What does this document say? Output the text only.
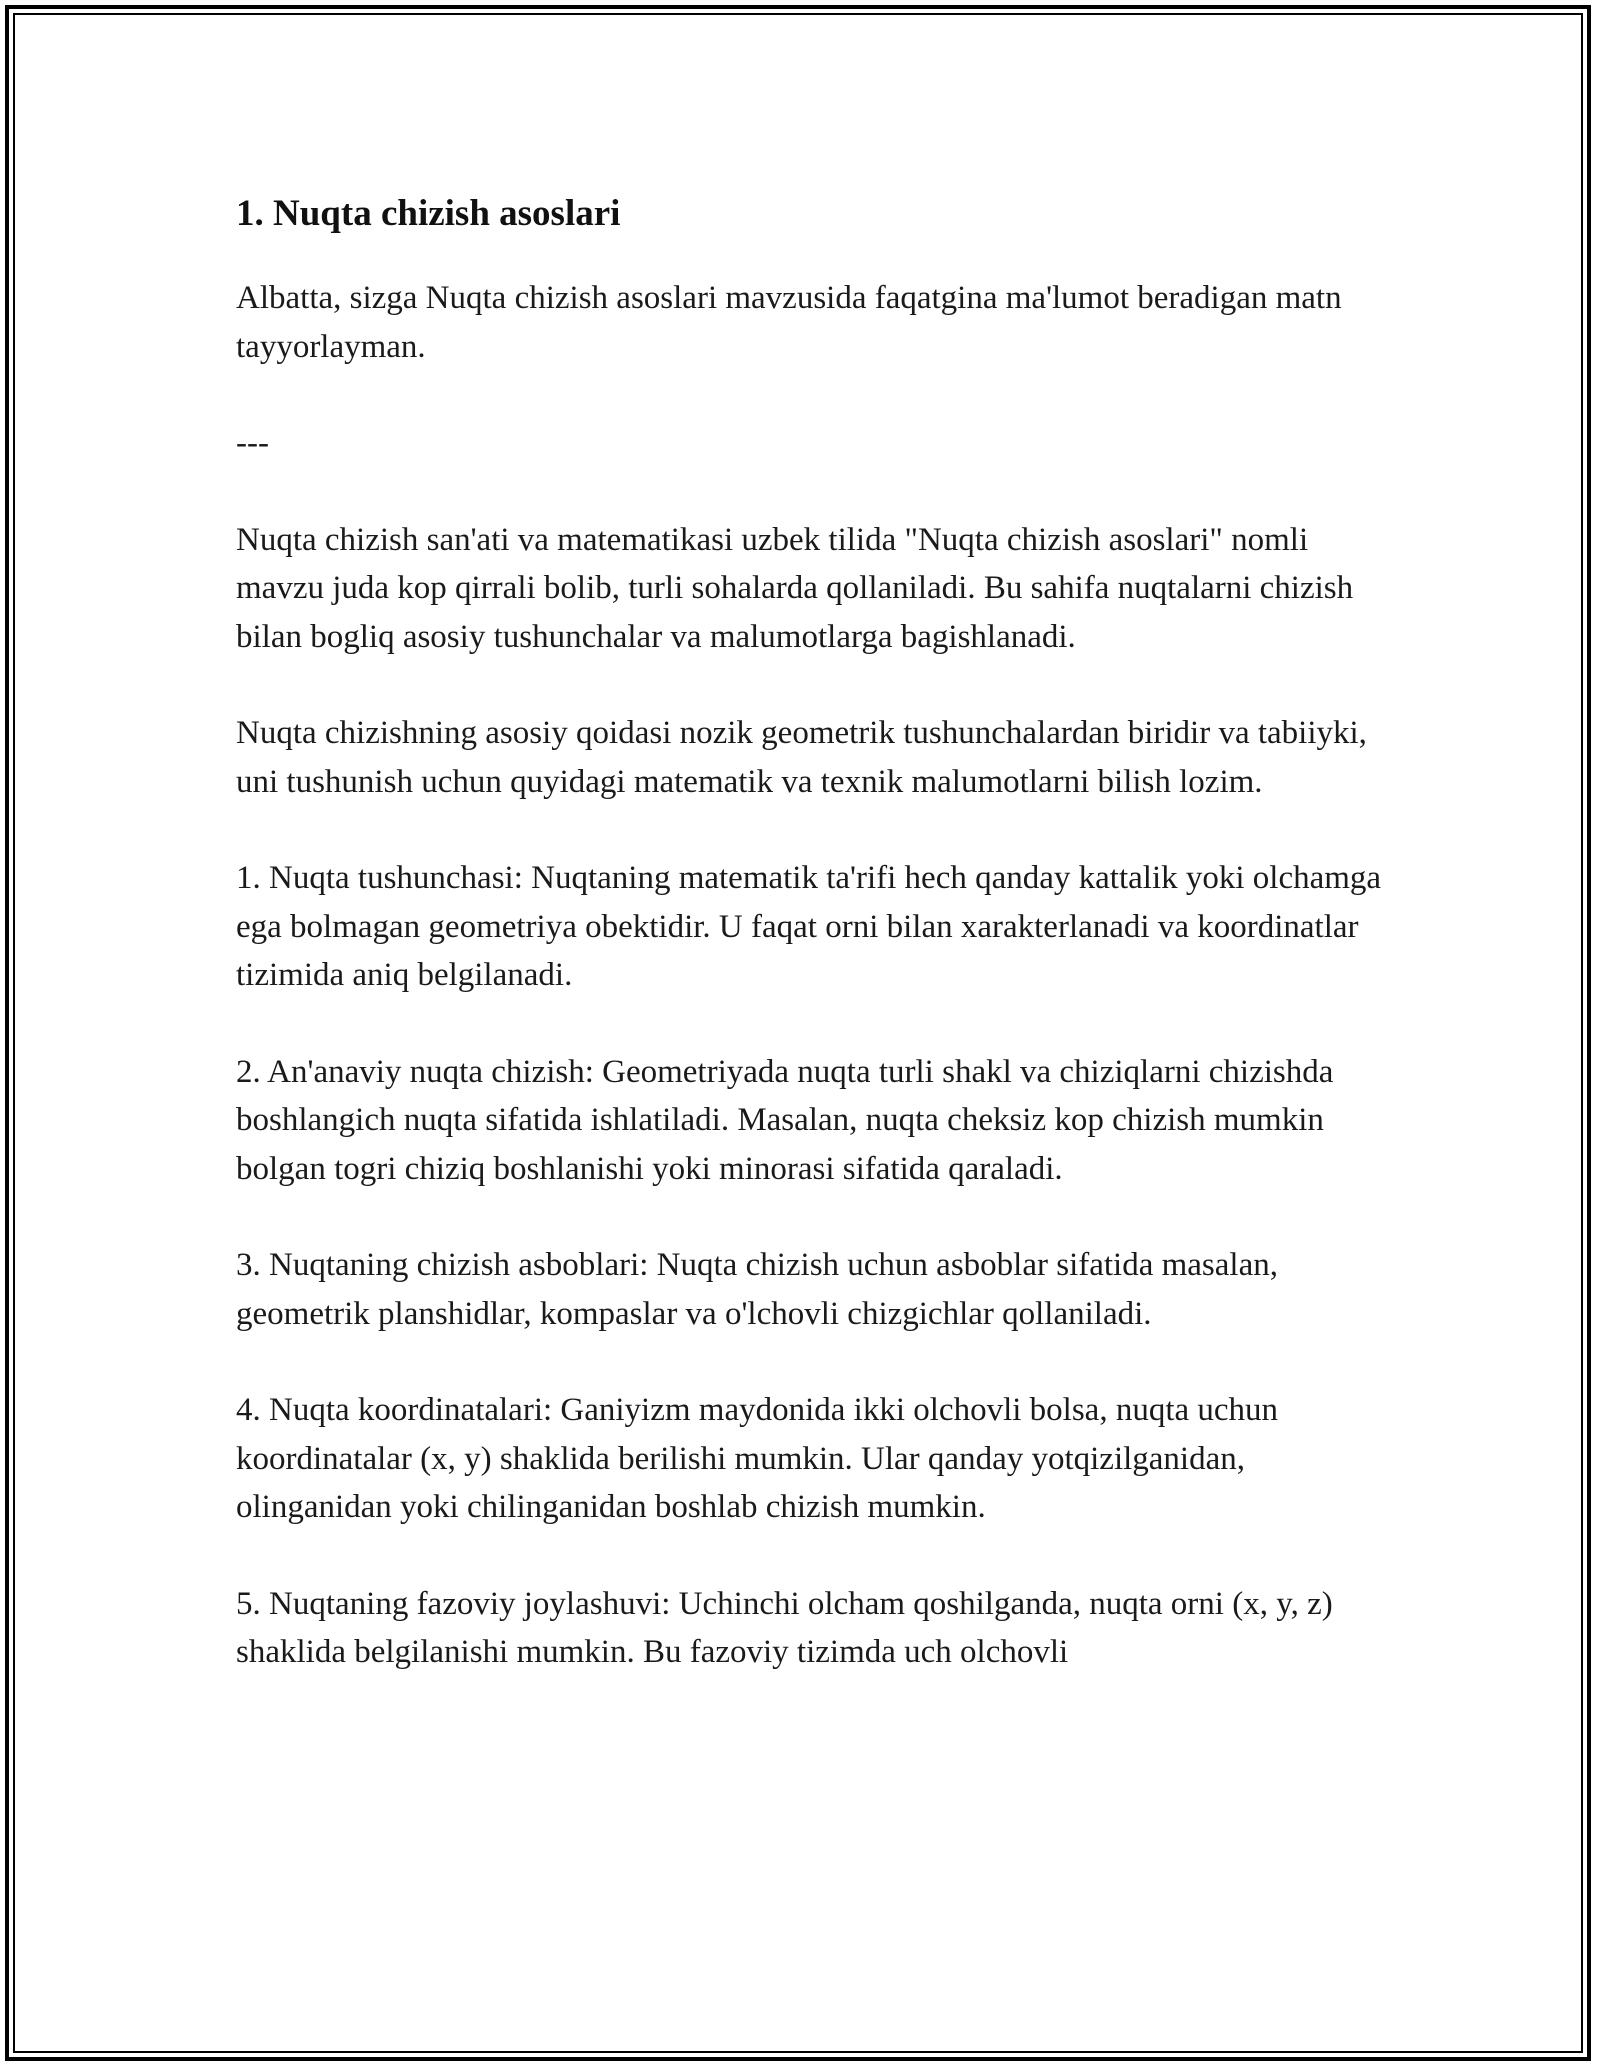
1. Nuqta chizish asoslari

Albatta, sizga Nuqta chizish asoslari mavzusida faqatgina ma'lumot beradigan matn tayyorlayman.

---

Nuqta chizish san'ati va matematikasi uzbek tilida "Nuqta chizish asoslari" nomli mavzu juda kop qirrali bolib, turli sohalarda qollaniladi. Bu sahifa nuqtalarni chizish bilan bogliq asosiy tushunchalar va malumotlarga bagishlanadi.

Nuqta chizishning asosiy qoidasi nozik geometrik tushunchalardan biridir va tabiiyki, uni tushunish uchun quyidagi matematik va texnik malumotlarni bilish lozim.

1. Nuqta tushunchasi: Nuqtaning matematik ta'rifi hech qanday kattalik yoki olchamga ega bolmagan geometriya obektidir. U faqat orni bilan xarakterlanadi va koordinatlar tizimida aniq belgilanadi.

2. An'anaviy nuqta chizish: Geometriyada nuqta turli shakl va chiziqlarni chizishda boshlangich nuqta sifatida ishlatiladi. Masalan, nuqta cheksiz kop chizish mumkin bolgan togri chiziq boshlanishi yoki minorasi sifatida qaraladi.

3. Nuqtaning chizish asboblari: Nuqta chizish uchun asboblar sifatida masalan, geometrik planshidlar, kompaslar va o'lchovli chizgichlar qollaniladi.

4. Nuqta koordinatalari: Ganiyizm maydonida ikki olchovli bolsa, nuqta uchun koordinatalar (x, y) shaklida berilishi mumkin. Ular qanday yotqizilganidan, olinganidan yoki chilinganidan boshlab chizish mumkin.

5. Nuqtaning fazoviy joylashuvi: Uchinchi olcham qoshilganda, nuqta orni (x, y, z) shaklida belgilanishi mumkin. Bu fazoviy tizimda uch olchovli
